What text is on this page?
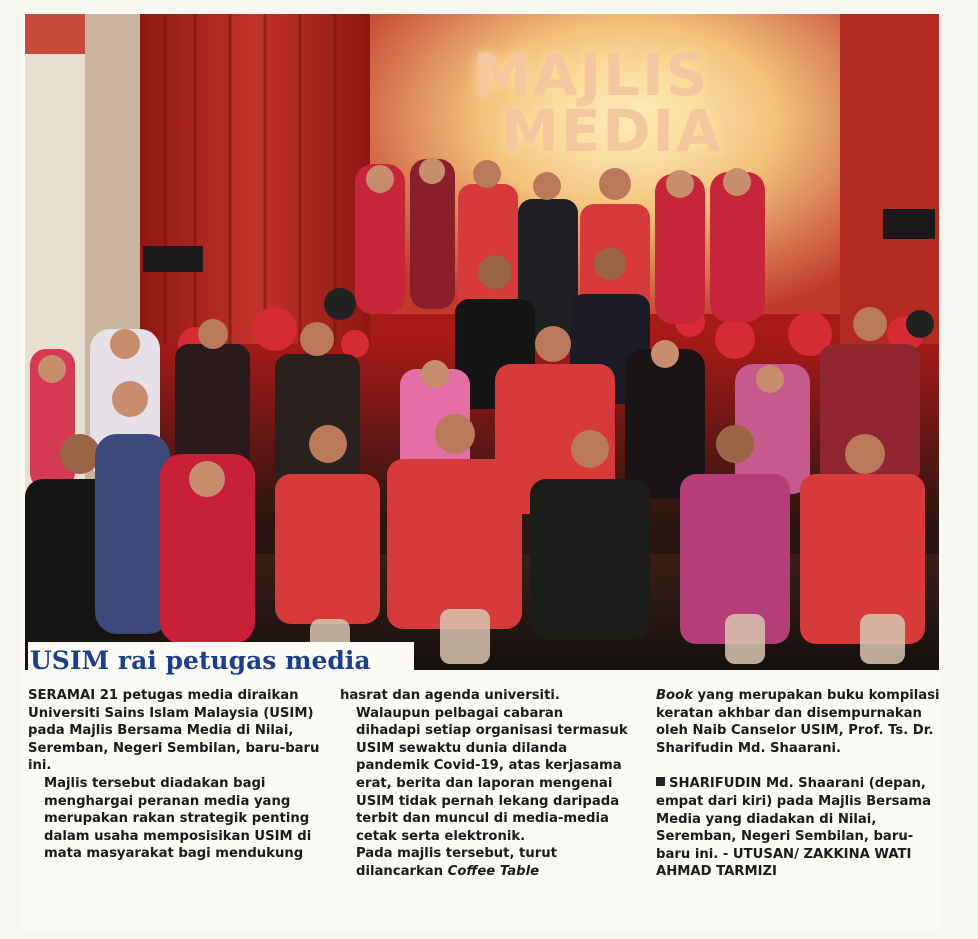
MAJLIS
MEDIA
USIM rai petugas media

SERAMAI 21 petugas media diraikan Universiti Sains Islam Malaysia (USIM) pada Majlis Bersama Media di Nilai, Seremban, Negeri Sembilan, baru-baru ini.

Majlis tersebut diadakan bagi menghargai peranan media yang merupakan rakan strategik penting dalam usaha memposisikan USIM di mata masyarakat bagi mendukung

hasrat dan agenda universiti.

Walaupun pelbagai cabaran dihadapi setiap organisasi termasuk USIM sewaktu dunia dilanda pandemik Covid-19, atas kerjasama erat, berita dan laporan mengenai USIM tidak pernah lekang daripada terbit dan muncul di media-media cetak serta elektronik.

Pada majlis tersebut, turut dilancarkan Coffee Table

Book yang merupakan buku kompilasi keratan akhbar dan disempurnakan oleh Naib Canselor USIM, Prof. Ts. Dr. Sharifudin Md. Shaarani.

SHARIFUDIN Md. Shaarani (depan, empat dari kiri) pada Majlis Bersama Media yang diadakan di Nilai, Seremban, Negeri Sembilan, baru-baru ini. - UTUSAN/ ZAKKINA WATI AHMAD TARMIZI
